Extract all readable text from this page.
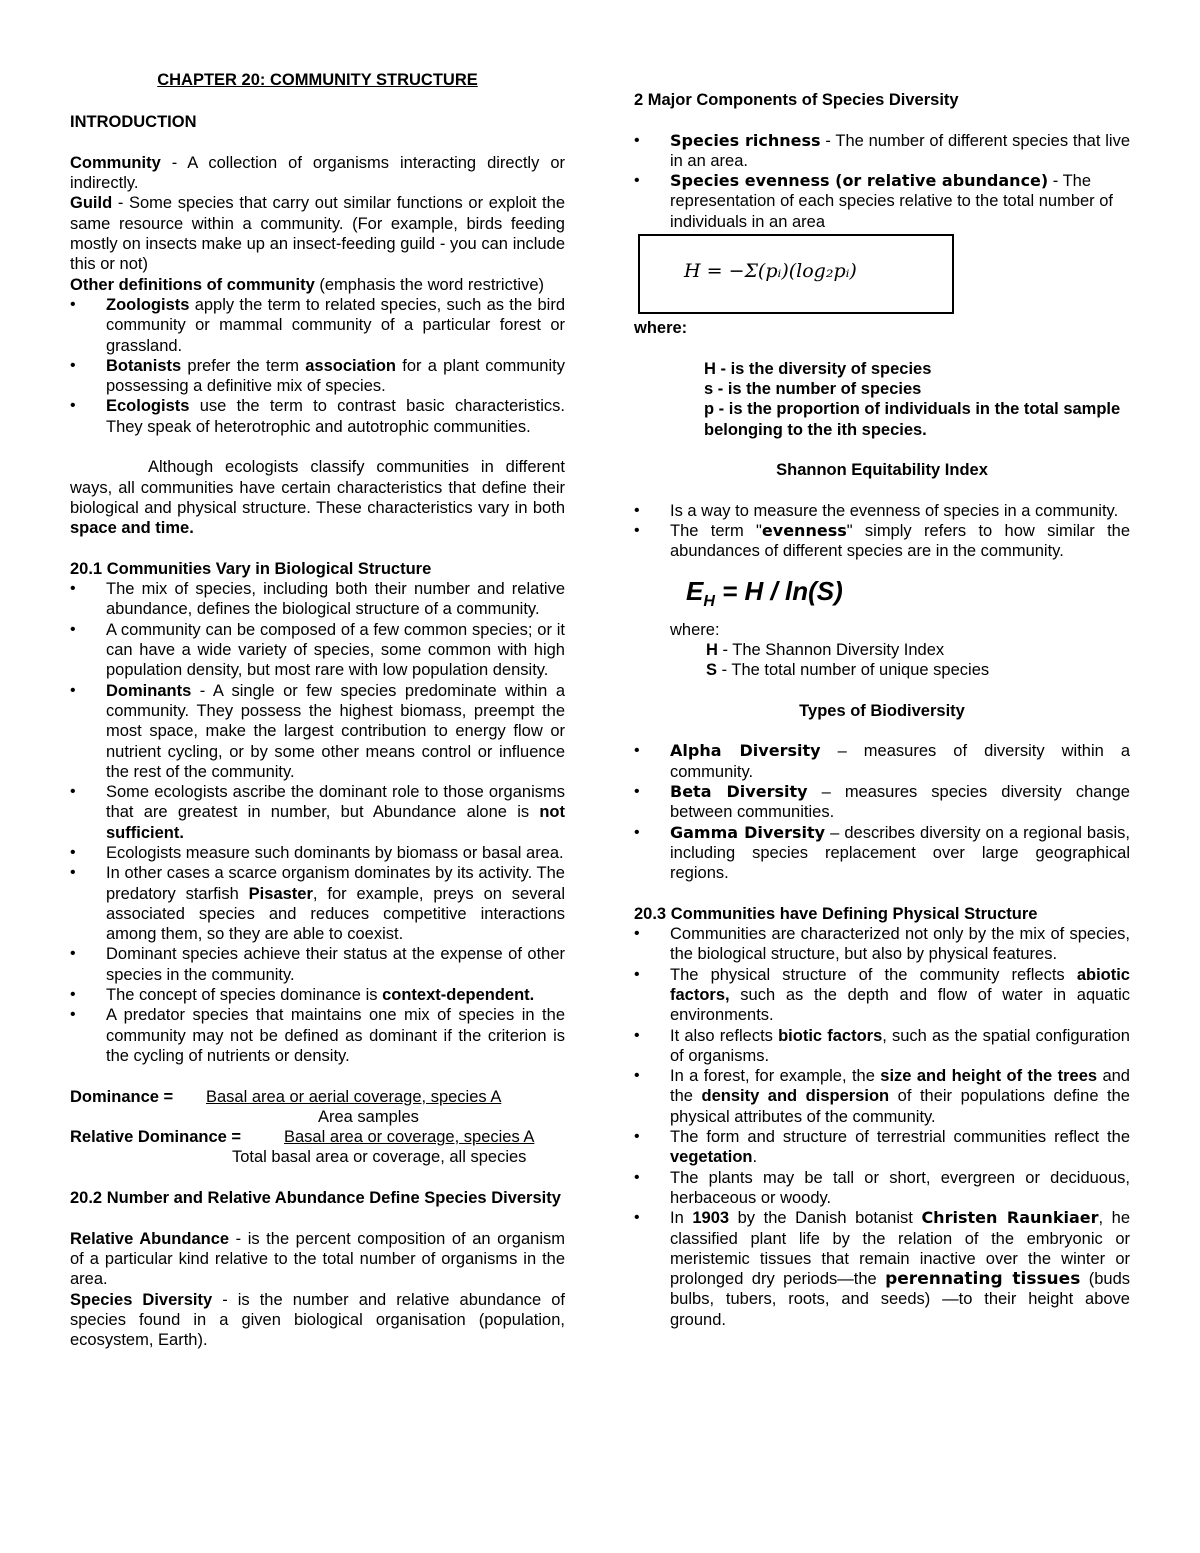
CHAPTER 20: COMMUNITY STRUCTURE

INTRODUCTION

Community - A collection of organisms interacting directly or indirectly.

Guild - Some species that carry out similar functions or exploit the same resource within a community. (For example, birds feeding mostly on insects make up an insect-feeding guild - you can include this or not)

Other definitions of community (emphasis the word restrictive)

• Zoologists apply the term to related species, such as the bird community or mammal community of a particular forest or grassland.
• Botanists prefer the term association for a plant community possessing a definitive mix of species.
• Ecologists use the term to contrast basic characteristics. They speak of heterotrophic and autotrophic communities.

Although ecologists classify communities in different ways, all communities have certain characteristics that define their biological and physical structure. These characteristics vary in both space and time.

20.1 Communities Vary in Biological Structure

• The mix of species, including both their number and relative abundance, defines the biological structure of a community.
• A community can be composed of a few common species; or it can have a wide variety of species, some common with high population density, but most rare with low population density.
• Dominants - A single or few species predominate within a community. They possess the highest biomass, preempt the most space, make the largest contribution to energy flow or nutrient cycling, or by some other means control or influence the rest of the community.
• Some ecologists ascribe the dominant role to those organisms that are greatest in number, but Abundance alone is not sufficient.
• Ecologists measure such dominants by biomass or basal area.
• In other cases a scarce organism dominates by its activity. The predatory starfish Pisaster, for example, preys on several associated species and reduces competitive interactions among them, so they are able to coexist.
• Dominant species achieve their status at the expense of other species in the community.
• The concept of species dominance is context-dependent.
• A predator species that maintains one mix of species in the community may not be defined as dominant if the criterion is the cycling of nutrients or density.
Dominance = Basal area or aerial coverage, species A
Area samples
Relative Dominance =	Basal area or coverage, species A
Total basal area or coverage, all species

20.2 Number and Relative Abundance Define Species Diversity

Relative Abundance - is the percent composition of an organism of a particular kind relative to the total number of organisms in the area.

Species Diversity - is the number and relative abundance of species found in a given biological organisation (population, ecosystem, Earth).

2 Major Components of Species Diversity

• Species richness - The number of different species that live in an area.
• Species evenness (or relative abundance) - The representation of each species relative to the total number of individuals in an area
H = −Σ(pᵢ)(log₂pᵢ)

where:

H - is the diversity of species

s - is the number of species

p - is the proportion of individuals in the total sample belonging to the ith species.

Shannon Equitability Index

• Is a way to measure the evenness of species in a community.
• The term "evenness" simply refers to how similar the abundances of different species are in the community.
$E_H = H / \ln(S)$

where:

H - The Shannon Diversity Index

S - The total number of unique species

Types of Biodiversity

• Alpha Diversity – measures of diversity within a community.
• Beta Diversity – measures species diversity change between communities.
• Gamma Diversity – describes diversity on a regional basis, including species replacement over large geographical regions.

20.3 Communities have Defining Physical Structure

• Communities are characterized not only by the mix of species, the biological structure, but also by physical features.
• The physical structure of the community reflects abiotic factors, such as the depth and flow of water in aquatic environments.
• It also reflects biotic factors, such as the spatial configuration of organisms.
• In a forest, for example, the size and height of the trees and the density and dispersion of their populations define the physical attributes of the community.
• The form and structure of terrestrial communities reflect the vegetation.
• The plants may be tall or short, evergreen or deciduous, herbaceous or woody.
• In 1903 by the Danish botanist Christen Raunkiaer, he classified plant life by the relation of the embryonic or meristemic tissues that remain inactive over the winter or prolonged dry periods—the perennating tissues (buds bulbs, tubers, roots, and seeds) —to their height above ground.
